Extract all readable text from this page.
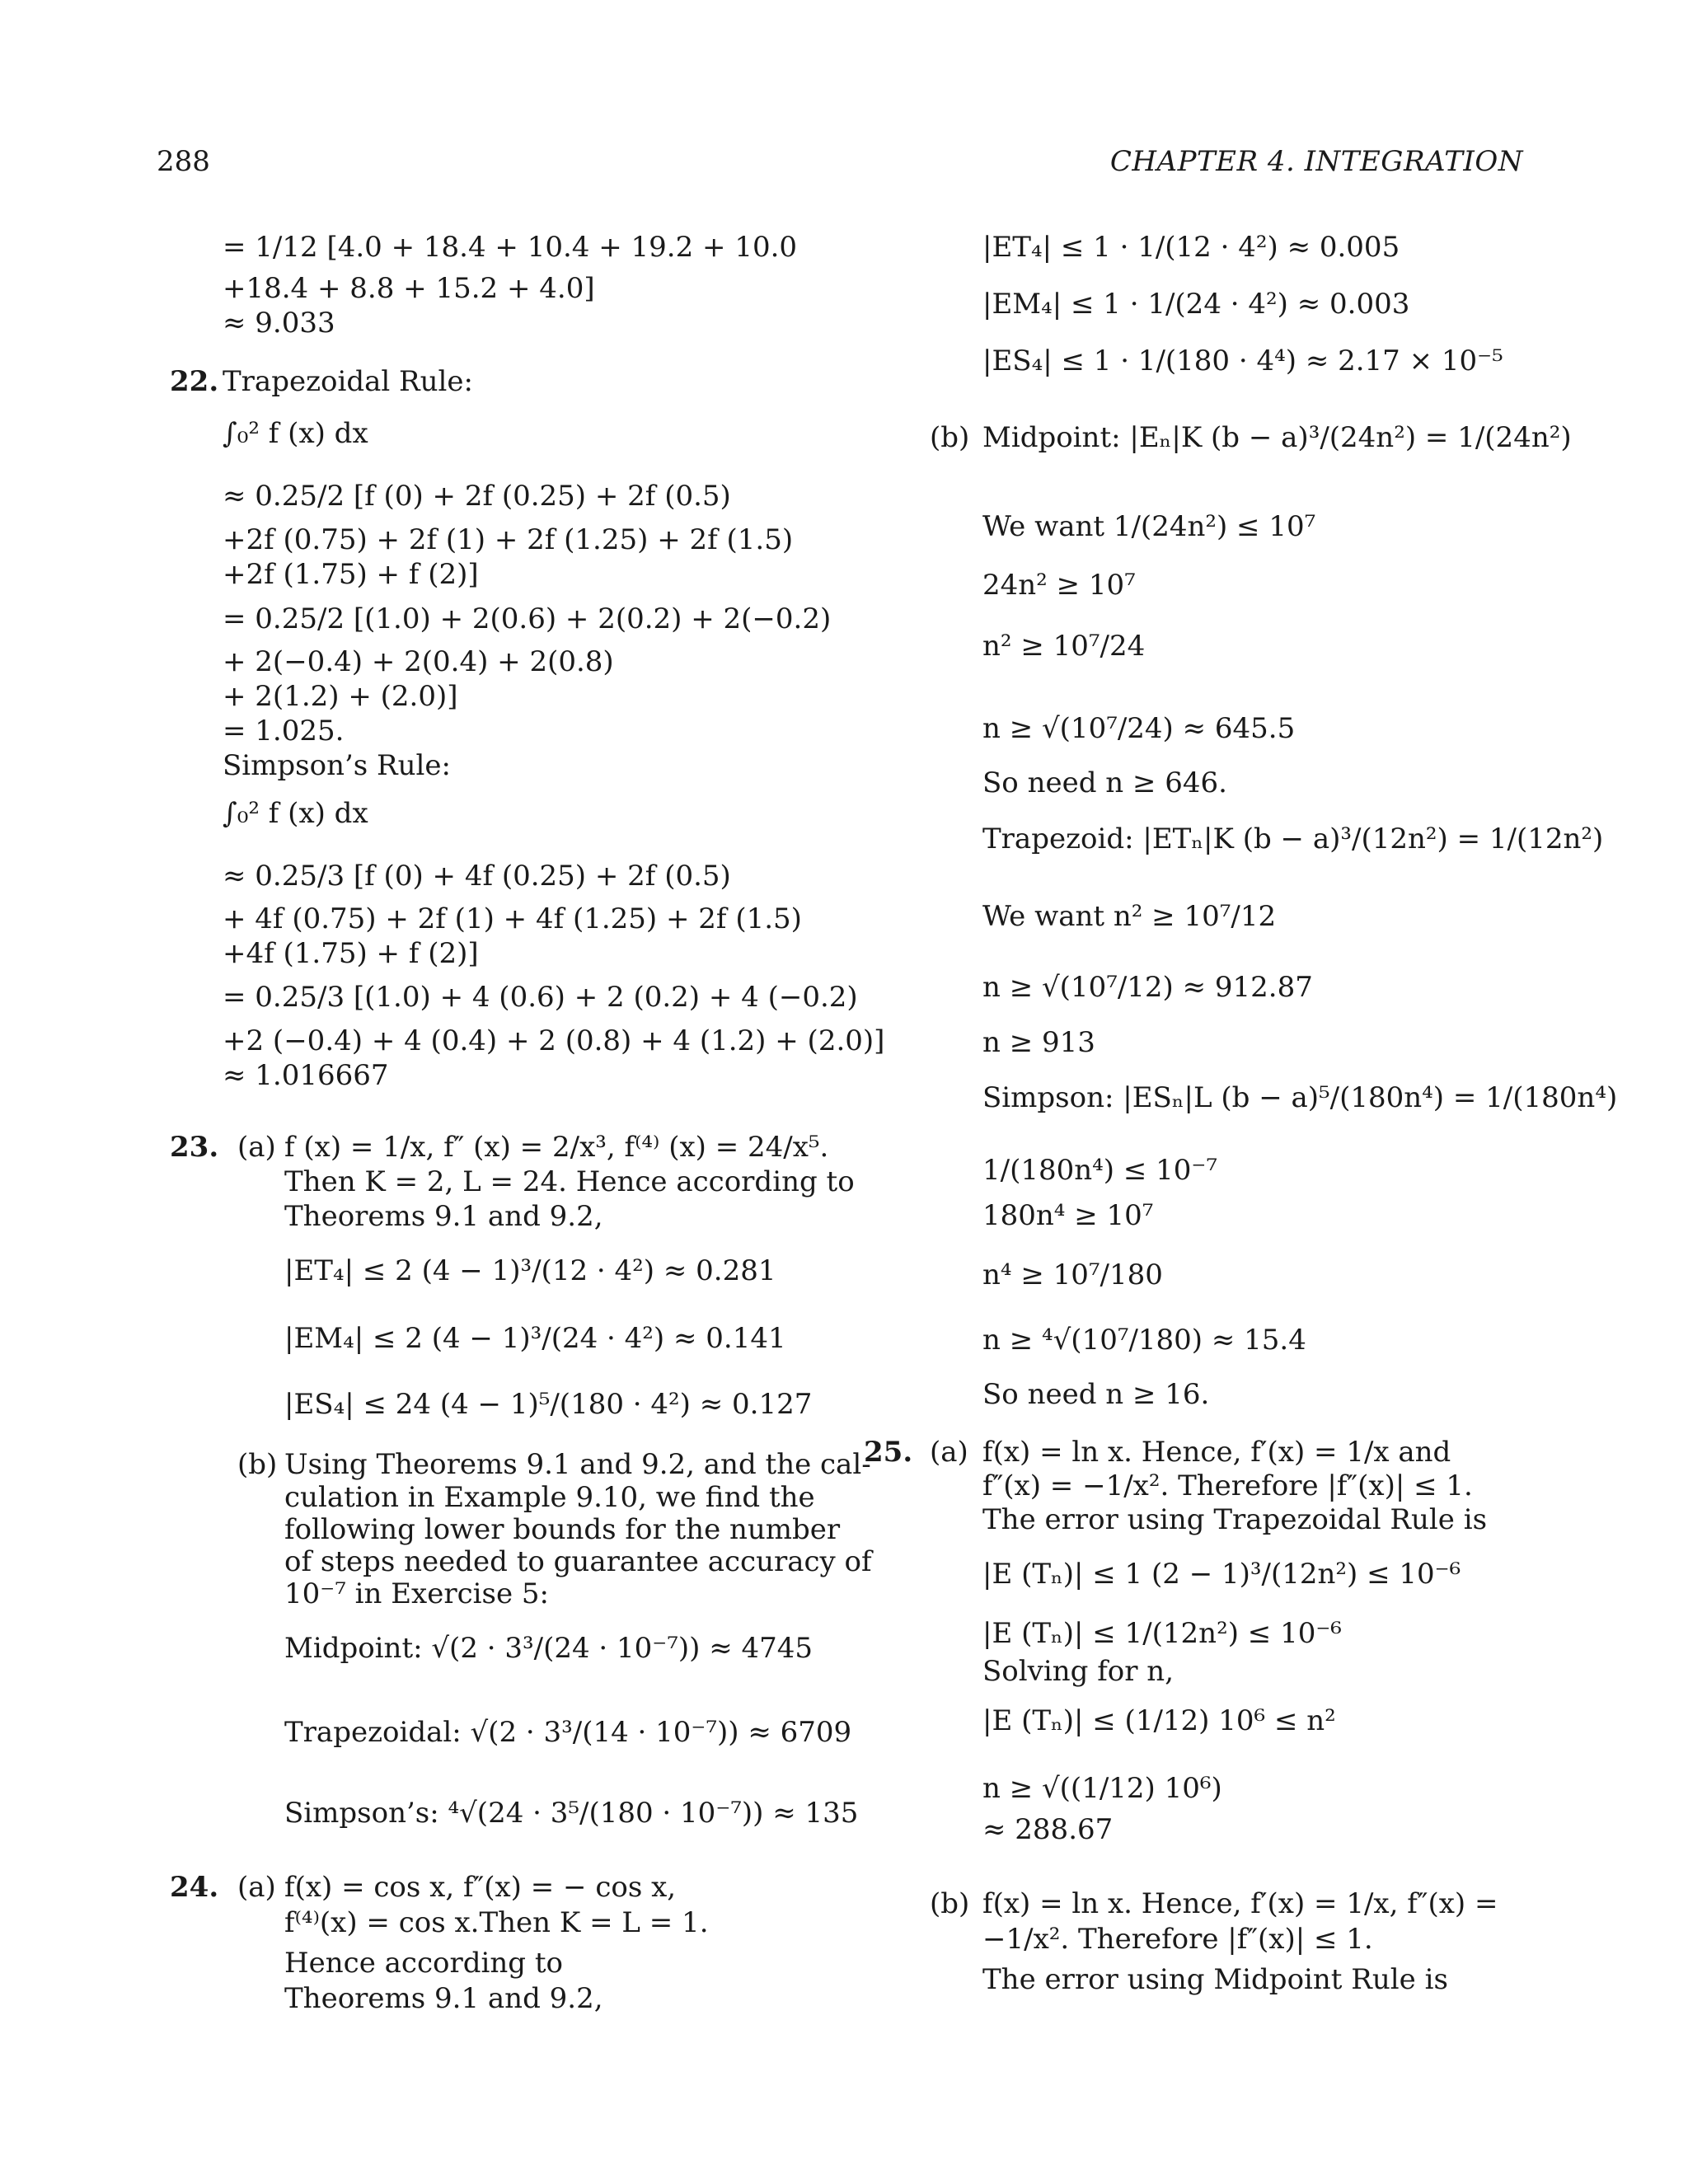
288	CHAPTER 4. INTEGRATION
= 1/12 [4.0 + 18.4 + 10.4 + 19.2 + 10.0
+18.4 + 8.8 + 15.2 + 4.0]
≈ 9.033
22. Trapezoidal Rule:
∫₀² f (x) dx
≈ 0.25/2 [f (0) + 2f (0.25) + 2f (0.5)
+2f (0.75) + 2f (1) + 2f (1.25) + 2f (1.5)
+2f (1.75) + f (2)]
= 0.25/2 [(1.0) + 2(0.6) + 2(0.2) + 2(−0.2)
+ 2(−0.4) + 2(0.4) + 2(0.8)
+ 2(1.2) + (2.0)]
= 1.025.
Simpson’s Rule:
∫₀² f (x) dx
≈ 0.25/3 [f (0) + 4f (0.25) + 2f (0.5)
+ 4f (0.75) + 2f (1) + 4f (1.25) + 2f (1.5)
+4f (1.75) + f (2)]
= 0.25/3 [(1.0) + 4 (0.6) + 2 (0.2) + 4 (−0.2)
+2 (−0.4) + 4 (0.4) + 2 (0.8) + 4 (1.2) + (2.0)]
≈ 1.016667
23. (a) f (x) = 1/x, f″ (x) = 2/x³, f⁽⁴⁾ (x) = 24/x⁵.
Then K = 2, L = 24. Hence according to
Theorems 9.1 and 9.2,
|ET₄| ≤ 2 (4 − 1)³/(12 · 4²) ≈ 0.281
|EM₄| ≤ 2 (4 − 1)³/(24 · 4²) ≈ 0.141
|ES₄| ≤ 24 (4 − 1)⁵/(180 · 4²) ≈ 0.127
(b) Using Theorems 9.1 and 9.2, and the cal-
culation in Example 9.10, we find the
following lower bounds for the number
of steps needed to guarantee accuracy of
10⁻⁷ in Exercise 5:
Midpoint: √(2 · 3³/(24 · 10⁻⁷)) ≈ 4745
Trapezoidal: √(2 · 3³/(14 · 10⁻⁷)) ≈ 6709
Simpson’s: ⁴√(24 · 3⁵/(180 · 10⁻⁷)) ≈ 135
24. (a) f(x) = cos x, f″(x) = − cos x,
f⁽⁴⁾(x) = cos x.Then K = L = 1.
Hence according to
Theorems 9.1 and 9.2,
|ET₄| ≤ 1 · 1/(12 · 4²) ≈ 0.005
|EM₄| ≤ 1 · 1/(24 · 4²) ≈ 0.003
|ES₄| ≤ 1 · 1/(180 · 4⁴) ≈ 2.17 × 10⁻⁵
(b) Midpoint: |Eₙ|K (b − a)³/(24n²) = 1/(24n²)
We want 1/(24n²) ≤ 10⁷
24n² ≥ 10⁷
n² ≥ 10⁷/24
n ≥ √(10⁷/24) ≈ 645.5
So need n ≥ 646.
Trapezoid: |ETₙ|K (b − a)³/(12n²) = 1/(12n²)
We want n² ≥ 10⁷/12
n ≥ √(10⁷/12) ≈ 912.87
n ≥ 913
Simpson: |ESₙ|L (b − a)⁵/(180n⁴) = 1/(180n⁴)
1/(180n⁴) ≤ 10⁻⁷
180n⁴ ≥ 10⁷
n⁴ ≥ 10⁷/180
n ≥ ⁴√(10⁷/180) ≈ 15.4
So need n ≥ 16.
25. (a) f(x) = ln x. Hence, f′(x) = 1/x and
f″(x) = −1/x². Therefore |f″(x)| ≤ 1.
The error using Trapezoidal Rule is
|E (Tₙ)| ≤ 1 (2 − 1)³/(12n²) ≤ 10⁻⁶
|E (Tₙ)| ≤ 1/(12n²) ≤ 10⁻⁶
Solving for n,
|E (Tₙ)| ≤ (1/12) 10⁶ ≤ n²
n ≥ √((1/12) 10⁶)
≈ 288.67
(b) f(x) = ln x. Hence, f′(x) = 1/x, f″(x) =
−1/x². Therefore |f″(x)| ≤ 1.
The error using Midpoint Rule is
